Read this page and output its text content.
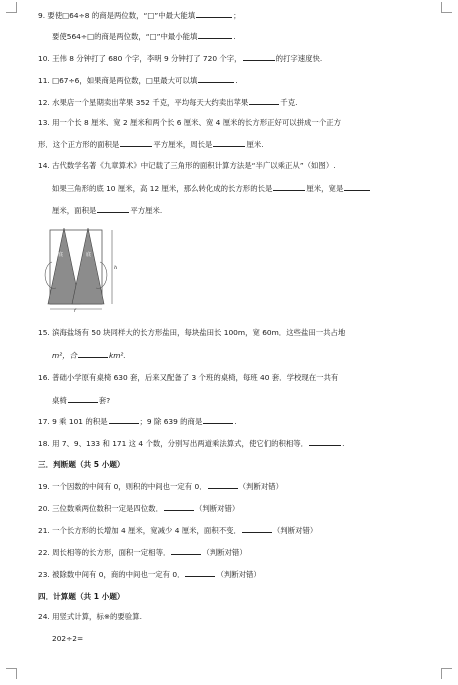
9. 要使□64÷8 的商是两位数，“□”中最大能填	；
要使564÷□的商是两位数，“□”中最小能填	.
10. 王伟 8 分钟打了 680 个字，李明 9 分钟打了 720 个字，	的打字速度快.
11. □67÷6，如果商是两位数，□里最大可以填	.
12. 水果店一个星期卖出苹果 352 千克，平均每天大约卖出苹果	千克.
13. 用一个长 8 厘米、宽 2 厘米和两个长 6 厘米、宽 4 厘米的长方形正好可以拼成一个正方
形．这个正方形的面积是	平方厘米，周长是	厘米.
14. 古代数学名著《九章算术》中记载了三角形的面积计算方法是“半广以乘正从”（如图）.
如果三角形的底 10 厘米，高 12 厘米，那么转化成的长方形的长是	厘米，宽是
厘米，面积是	平方厘米.
底	底
h
f
15. 滨海盐场有 50 块同样大的长方形盐田，每块盐田长 100m，宽 60m．这些盐田一共占地
m²，合	km².
16. 普础小学原有桌椅 630 套，后来又配备了 3 个班的桌椅，每班 40 套．学校现在一共有
桌椅	套?
17. 9 乘 101 的积是	；9 除 639 的商是	.
18. 用 7、9、133 和 171 这 4 个数，分别写出两道乘法算式，使它们的积相等．	.
三．判断题（共 5 小题）
19. 一个因数的中间有 0，则积的中间也一定有 0．	（判断对错）
20. 三位数乘两位数积一定是四位数．	（判断对错）
21. 一个长方形的长增加 4 厘米，宽减少 4 厘米，面积不变．	（判断对错）
22. 周长相等的长方形，面积一定相等．	（判断对错）
23. 被除数中间有 0，商的中间也一定有 0．	（判断对错）
四．计算题（共 1 小题）
24. 用竖式计算，标※的要验算.
202÷2=
